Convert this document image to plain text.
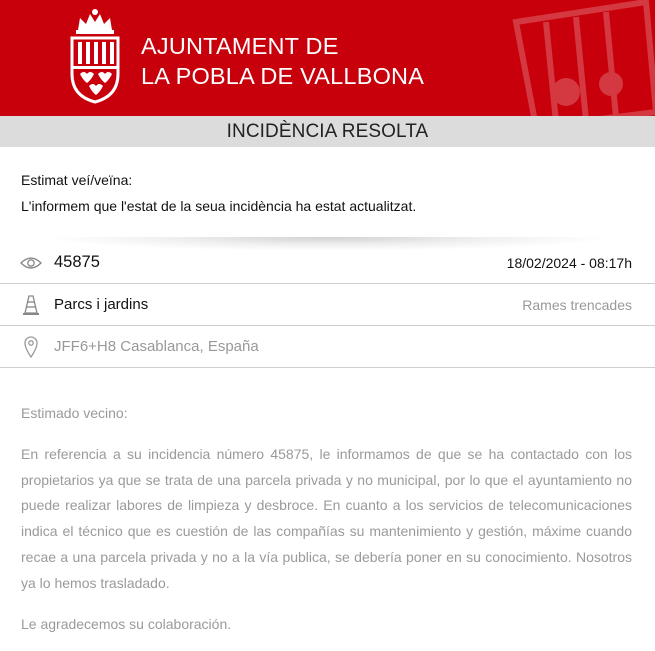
AJUNTAMENT DE
LA POBLA DE VALLBONA
INCIDÈNCIA RESOLTA
Estimat veí/veïna:
L'informem que l'estat de la seua incidència ha estat actualitzat.
45875	18/02/2024 - 08:17h
Parcs i jardins	Rames trencades
JFF6+H8 Casablanca, España

Estimado vecino:

En referencia a su incidencia número 45875, le informamos de que se ha contactado con los propietarios ya que se trata de una parcela privada y no municipal, por lo que el ayuntamiento no puede realizar labores de limpieza y desbroce. En cuanto a los servicios de telecomunicaciones indica el técnico que es cuestión de las compañías su mantenimiento y gestión, máxime cuando recae a una parcela privada y no a la vía publica, se debería poner en su conocimiento. Nosotros ya lo hemos trasladado.

Le agradecemos su colaboración.
